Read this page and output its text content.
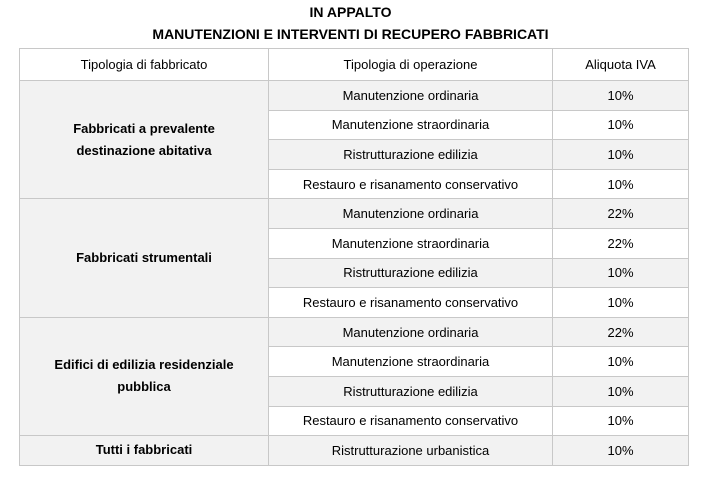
IN APPALTO
MANUTENZIONI E INTERVENTI DI RECUPERO FABBRICATI
Tipologia di fabbricato	Tipologia di operazione	Aliquota IVA
Fabbricati a prevalente destinazione abitativa	Manutenzione ordinaria	10%
	Manutenzione straordinaria	10%
	Ristrutturazione edilizia	10%
	Restauro e risanamento conservativo	10%
Fabbricati strumentali	Manutenzione ordinaria	22%
	Manutenzione straordinaria	22%
	Ristrutturazione edilizia	10%
	Restauro e risanamento conservativo	10%
Edifici di edilizia residenziale pubblica	Manutenzione ordinaria	22%
	Manutenzione straordinaria	10%
	Ristrutturazione edilizia	10%
	Restauro e risanamento conservativo	10%
Tutti i fabbricati	Ristrutturazione urbanistica	10%
